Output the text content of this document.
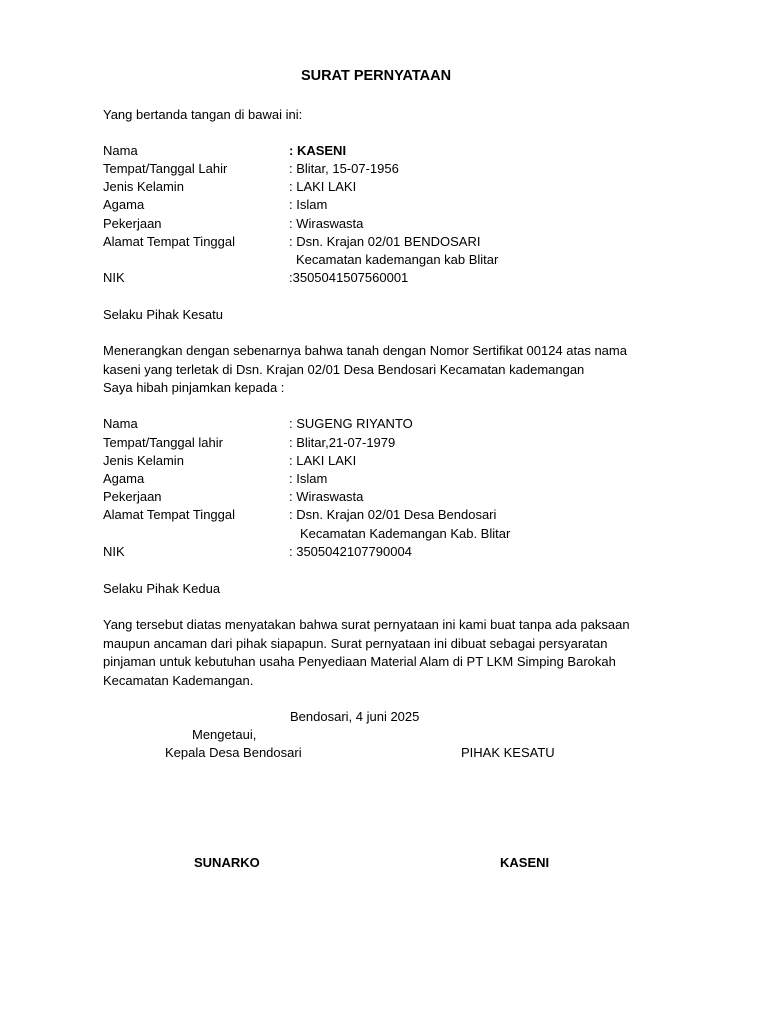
SURAT PERNYATAAN
Yang bertanda tangan di bawai ini:
Nama	: KASENI
Tempat/Tanggal Lahir	: Blitar, 15-07-1956
Jenis Kelamin	: LAKI LAKI
Agama	: Islam
Pekerjaan	: Wiraswasta
Alamat Tempat Tinggal	: Dsn. Krajan 02/01 BENDOSARI
Kecamatan kademangan kab Blitar
NIK	:3505041507560001
Selaku Pihak Kesatu
Menerangkan dengan sebenarnya bahwa tanah dengan Nomor Sertifikat 00124 atas nama
kaseni yang terletak di Dsn. Krajan 02/01 Desa Bendosari Kecamatan kademangan
Saya hibah pinjamkan kepada :
Nama	: SUGENG RIYANTO
Tempat/Tanggal lahir	: Blitar,21-07-1979
Jenis Kelamin	: LAKI LAKI
Agama	: Islam
Pekerjaan	: Wiraswasta
Alamat Tempat Tinggal	: Dsn. Krajan 02/01 Desa Bendosari
Kecamatan Kademangan Kab. Blitar
NIK	: 3505042107790004
Selaku Pihak Kedua
Yang tersebut diatas menyatakan bahwa surat pernyataan ini kami buat tanpa ada paksaan
maupun ancaman dari pihak siapapun. Surat pernyataan ini dibuat sebagai persyaratan
pinjaman untuk kebutuhan usaha Penyediaan Material Alam di PT LKM Simping Barokah
Kecamatan Kademangan.
Bendosari, 4 juni 2025
Mengetaui,
Kepala Desa Bendosari	PIHAK KESATU
SUNARKO	KASENI
